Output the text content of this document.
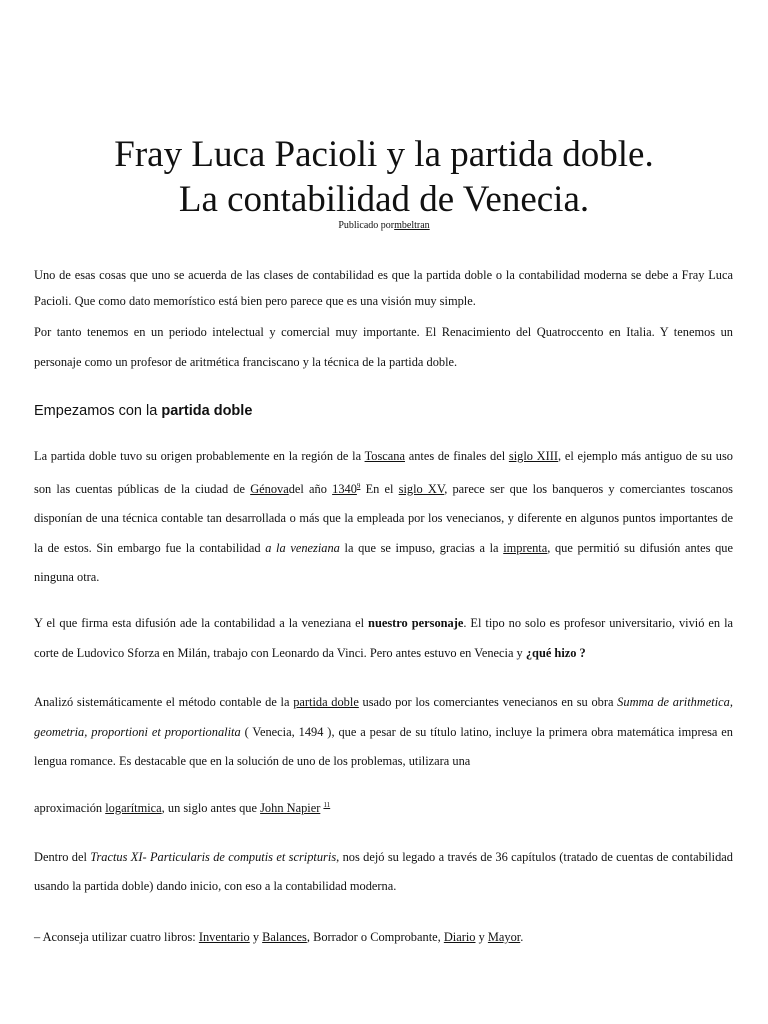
Fray Luca Pacioli y la partida doble.
La contabilidad de Venecia.
Publicado pormbeltran

Uno de esas cosas que uno se acuerda de las clases de contabilidad es que la partida doble o la contabilidad moderna se debe a Fray Luca Pacioli. Que como dato memorístico está bien pero parece que es una visión muy simple.

Por tanto tenemos en un periodo intelectual y comercial muy importante. El Renacimiento del Quatroccento en Italia. Y tenemos un personaje como un profesor de aritmética franciscano y la técnica de la partida doble.

Empezamos con la partida doble

La partida doble tuvo su origen probablemente en la región de la Toscana antes de finales del siglo XIII, el ejemplo más antiguo de su uso son las cuentas públicas de la ciudad de Génovadel año 1340$^9$ En el siglo XV, parece ser que los banqueros y comerciantes toscanos disponían de una técnica contable tan desarrollada o más que la empleada por los venecianos, y diferente en algunos puntos importantes de la de estos. Sin embargo fue la contabilidad a la veneziana la que se impuso, gracias a la imprenta, que permitió su difusión antes que ninguna otra.

Y el que firma esta difusión ade la contabilidad a la veneziana el nuestro personaje. El tipo no solo es profesor universitario, vivió en la corte de Ludovico Sforza en Milán, trabajo con Leonardo da Vinci. Pero antes estuvo en Venecia y ¿qué hizo ?

Analizó sistemáticamente el método contable de la partida doble usado por los comerciantes venecianos en su obra Summa de arithmetica, geometria, proportioni et proportionalita ( Venecia, 1494 ), que a pesar de su título latino, incluye la primera obra matemática impresa en lengua romance. Es destacable que en la solución de uno de los problemas, utilizara una

aproximación logarítmica, un siglo antes que John Napier $^{11}$

Dentro del Tractus XI- Particularis de computis et scripturis, nos dejó su legado a través de 36 capítulos (tratado de cuentas de contabilidad usando la partida doble) dando inicio, con eso a la contabilidad moderna.

– Aconseja utilizar cuatro libros: Inventario y Balances, Borrador o Comprobante, Diario y Mayor.
